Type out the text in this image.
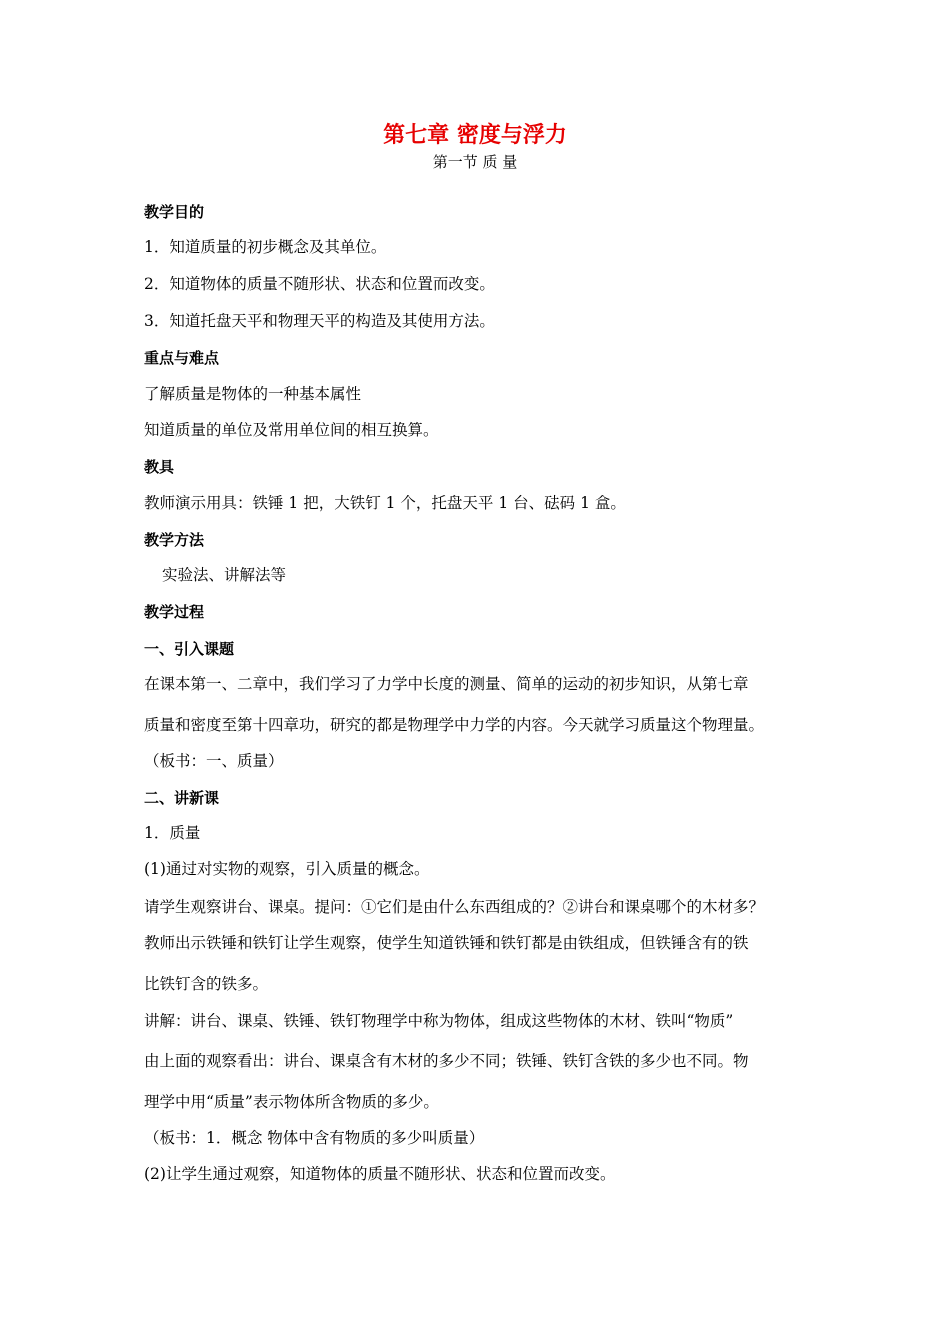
第七章 密度与浮力
第一节 质 量
教学目的
1．知道质量的初步概念及其单位。
2．知道物体的质量不随形状、状态和位置而改变。
3．知道托盘天平和物理天平的构造及其使用方法。
重点与难点
了解质量是物体的一种基本属性
知道质量的单位及常用单位间的相互换算。
教具
教师演示用具：铁锤 1 把，大铁钉 1 个，托盘天平 1 台、砝码 1 盒。
教学方法
实验法、讲解法等
教学过程
一、引入课题
在课本第一、二章中，我们学习了力学中长度的测量、简单的运动的初步知识，从第七章
质量和密度至第十四章功，研究的都是物理学中力学的内容。今天就学习质量这个物理量。
（板书：一、质量）
二、讲新课
1．质量
(1)通过对实物的观察，引入质量的概念。
请学生观察讲台、课桌。提问：①它们是由什么东西组成的？②讲台和课桌哪个的木材多？
教师出示铁锤和铁钉让学生观察，使学生知道铁锤和铁钉都是由铁组成，但铁锤含有的铁
比铁钉含的铁多。
讲解：讲台、课桌、铁锤、铁钉物理学中称为物体，组成这些物体的木材、铁叫“物质”
由上面的观察看出：讲台、课桌含有木材的多少不同；铁锤、铁钉含铁的多少也不同。物
理学中用“质量”表示物体所含物质的多少。
（板书：1．概念 物体中含有物质的多少叫质量）
(2)让学生通过观察，知道物体的质量不随形状、状态和位置而改变。
